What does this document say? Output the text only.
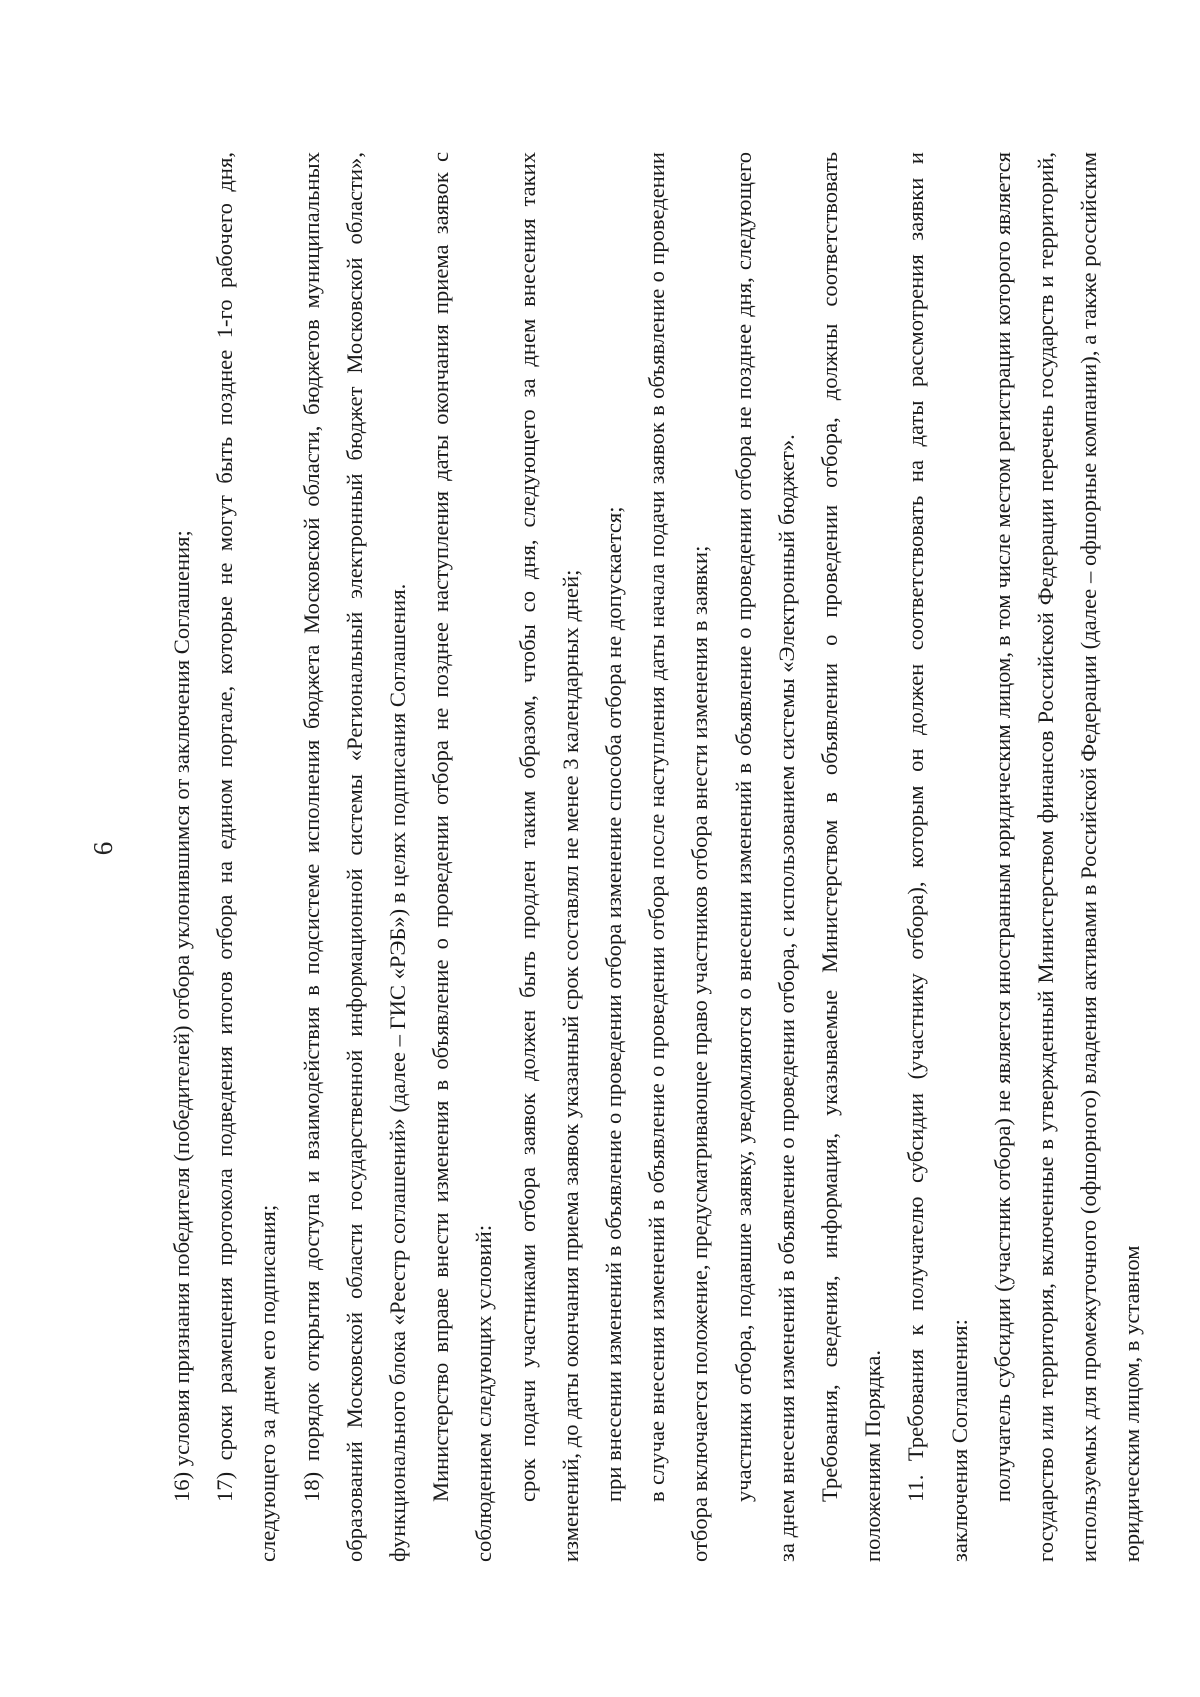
6	16) условия признания победителя (победителей) отбора уклонившимся от заключения Соглашения; 17) сроки размещения протокола подведения итогов отбора на едином портале, которые не могут быть позднее 1-го рабочего дня, следующего за днем его подписания; 18) порядок открытия доступа и взаимодействия в подсистеме исполнения бюджета Московской области, бюджетов муниципальных образований Московской области государственной информационной системы «Региональный электронный бюджет Московской области», функционального блока «Реестр соглашений» (далее – ГИС «РЭБ») в целях подписания Соглашения. Министерство вправе внести изменения в объявление о проведении отбора не позднее наступления даты окончания приема заявок с соблюдением следующих условий: срок подачи участниками отбора заявок должен быть продлен таким образом, чтобы со дня, следующего за днем внесения таких изменений, до даты окончания приема заявок указанный срок составлял не менее 3 календарных дней; при внесении изменений в объявление о проведении отбора изменение способа отбора не допускается; в случае внесения изменений в объявление о проведении отбора после наступления даты начала подачи заявок в объявление о проведении отбора включается положение, предусматривающее право участников отбора внести изменения в заявки; участники отбора, подавшие заявку, уведомляются о внесении изменений в объявление о проведении отбора не позднее дня, следующего за днем внесения изменений в объявление о проведении отбора, с использованием системы «Электронный бюджет». Требования, сведения, информация, указываемые Министерством в объявлении о проведении отбора, должны соответствовать положениям Порядка. 11. Требования к получателю субсидии (участнику отбора), которым он должен соответствовать на даты рассмотрения заявки и заключения Соглашения: получатель субсидии (участник отбора) не является иностранным юридическим лицом, в том числе местом регистрации которого является государство или территория, включенные в утвержденный Министерством финансов Российской Федерации перечень государств и территорий, используемых для промежуточного (офшорного) владения активами в Российской Федерации (далее – офшорные компании), а также российским юридическим лицом, в уставном
